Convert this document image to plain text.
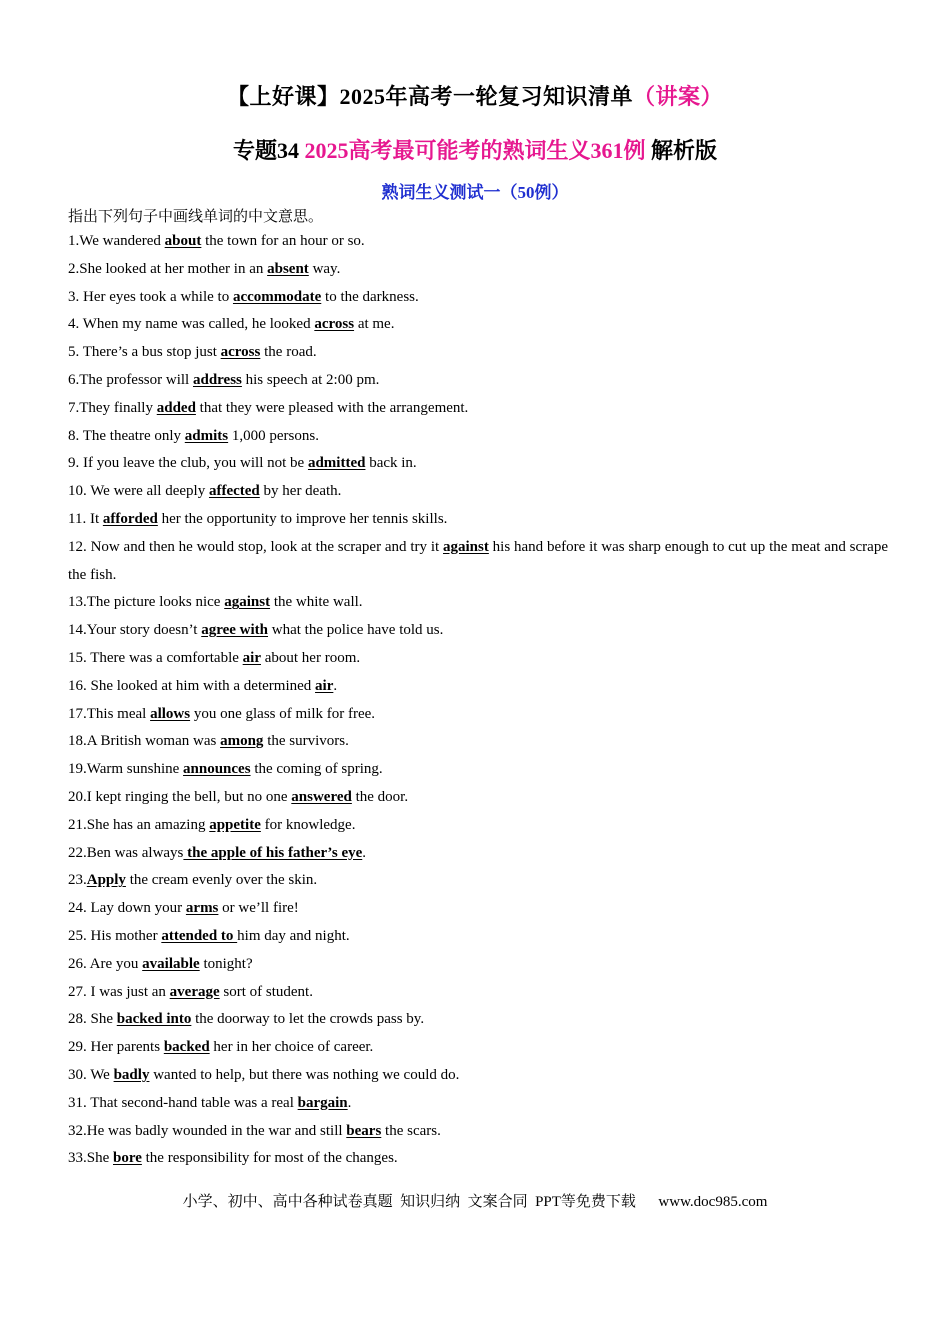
【上好课】2025年高考一轮复习知识清单（讲案）
专题34 2025高考最可能考的熟词生义361例 解析版
熟词生义测试一（50例）
指出下列句子中画线单词的中文意思。
1.We wandered about the town for an hour or so.
2.She looked at her mother in an absent way.
3. Her eyes took a while to accommodate to the darkness.
4. When my name was called, he looked across at me.
5. There’s a bus stop just across the road.
6.The professor will address his speech at 2:00 pm.
7.They finally added that they were pleased with the arrangement.
8. The theatre only admits 1,000 persons.
9. If you leave the club, you will not be admitted back in.
10. We were all deeply affected by her death.
11. It afforded her the opportunity to improve her tennis skills.
12. Now and then he would stop, look at the scraper and try it against his hand before it was sharp enough to cut up the meat and scrape the fish.
13.The picture looks nice against the white wall.
14.Your story doesn’t agree with what the police have told us.
15. There was a comfortable air about her room.
16. She looked at him with a determined air.
17.This meal allows you one glass of milk for free.
18.A British woman was among the survivors.
19.Warm sunshine announces the coming of spring.
20.I kept ringing the bell, but no one answered the door.
21.She has an amazing appetite for knowledge.
22.Ben was always the apple of his father’s eye.
23.Apply the cream evenly over the skin.
24. Lay down your arms or we’ll fire!
25. His mother attended to him day and night.
26. Are you available tonight?
27. I was just an average sort of student.
28. She backed into the doorway to let the crowds pass by.
29. Her parents backed her in her choice of career.
30. We badly wanted to help, but there was nothing we could do.
31. That second-hand table was a real bargain.
32.He was badly wounded in the war and still bears the scars.
33.She bore the responsibility for most of the changes.
小学、初中、高中各种试卷真题  知识归纳  文案合同  PPT等免费下载      www.doc985.com
